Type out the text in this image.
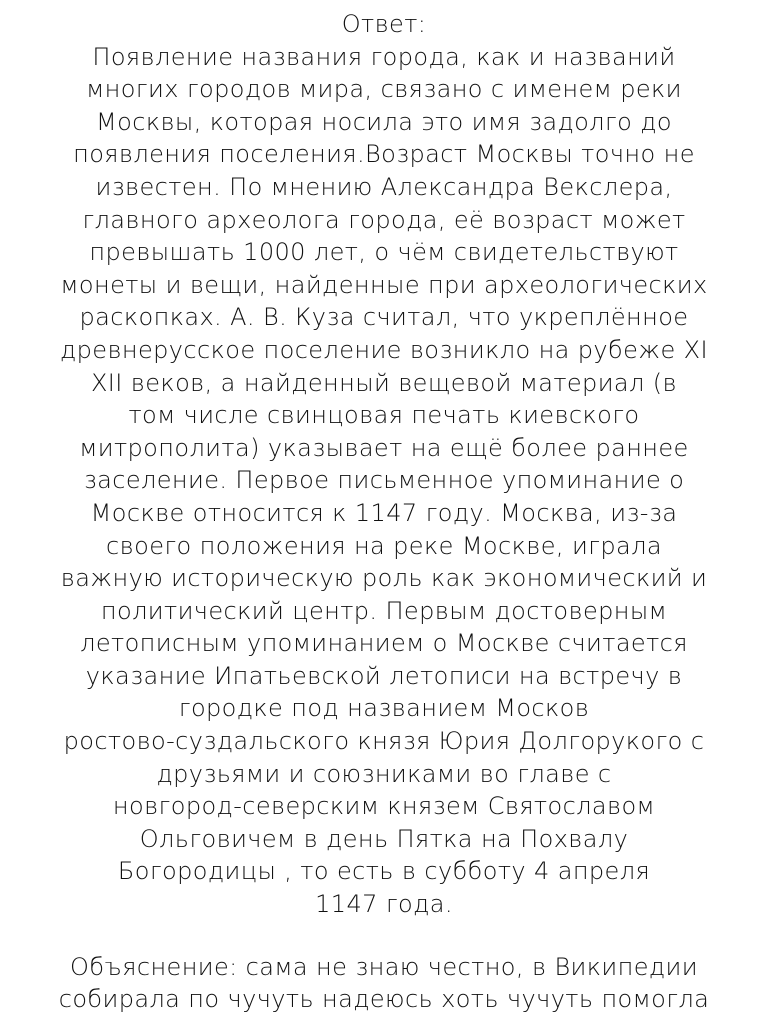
Ответ:
Появление названия города, как и названий
многих городов мира, связано с именем реки
Москвы, которая носила это имя задолго до
появления поселения.Возраст Москвы точно не
известен. По мнению Александра Векслера,
главного археолога города, её возраст может
превышать 1000 лет, о чём свидетельствуют
монеты и вещи, найденные при археологических
раскопках. А. В. Куза считал, что укреплённое
древнерусское поселение возникло на рубеже XI
XII веков, а найденный вещевой материал (в
том числе свинцовая печать киевского
митрополита) указывает на ещё более раннее
заселение. Первое письменное упоминание о
Москве относится к 1147 году. Москва, из-за
своего положения на реке Москве, играла
важную историческую роль как экономический и
политический центр. Первым достоверным
летописным упоминанием о Москве считается
указание Ипатьевской летописи на встречу в
городке под названием Москов
ростово-суздальского князя Юрия Долгорукого с
друзьями и союзниками во главе с
новгород-северским князем Святославом
Ольговичем в день Пятка на Похвалу
Богородицы , то есть в субботу 4 апреля
1147 года.
Объяснение: сама не знаю честно, в Википедии
собирала по чучуть надеюсь хоть чучуть помогла
